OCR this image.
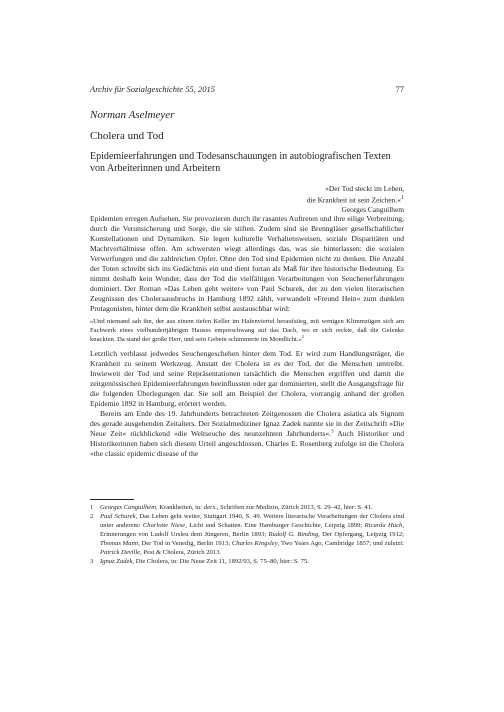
Archiv für Sozialgeschichte 55, 2015	77
Norman Aselmeyer
Cholera und Tod
Epidemieerfahrungen und Todesanschauungen in autobiografischen Texten von Arbeiterinnen und Arbeitern
»Der Tod steckt im Leben,
die Krankheit ist sein Zeichen.«$^1$
Georges Canguilhem

Epidemien erregen Aufsehen. Sie provozieren durch ihr rasantes Auftreten und ihre eilige Verbreitung, durch die Verunsicherung und Sorge, die sie stiften. Zudem sind sie Brenngläser gesellschaftlicher Konstellationen und Dynamiken. Sie legen kulturelle Verhaltensweisen, soziale Disparitäten und Machtverhältnisse offen. Am schwersten wiegt allerdings das, was sie hinterlassen: die sozialen Verwerfungen und die zahlreichen Opfer. Ohne den Tod sind Epidemien nicht zu denken. Die Anzahl der Toten schreibt sich ins Gedächtnis ein und dient fortan als Maß für ihre historische Bedeutung. Es nimmt deshalb kein Wunder, dass der Tod die vielfältigen Verarbeitungen von Seuchenerfahrungen dominiert. Der Roman »Das Leben geht weiter« von Paul Schurek, der zu den vielen literarischen Zeugnissen des Choleraausbruchs in Hamburg 1892 zählt, verwandelt »Freund Hein« zum dunklen Protagonisten, hinter dem die Krankheit selbst austauschbar wird:

»Und niemand sah ihn, der aus einem tiefen Keller im Hafenviertel heraufstieg, mit wenigen Klimmzügen sich am Fachwerk eines vielhundertjährigen Hauses emporschwang auf das Dach, wo er sich reckte, daß die Gelenke knackten. Da stand der große Herr, und sein Gebein schimmerte im Mondlicht.«$^2$

Letztlich verblasst jedwedes Seuchengeschehen hinter dem Tod. Er wird zum Handlungsträger, die Krankheit zu seinem Werkzeug. Anstatt der Cholera ist es der Tod, der die Menschen umtreibt. Inwieweit der Tod und seine Repräsentationen tatsächlich die Menschen ergriffen und damit die zeitgenössischen Epidemieerfahrungen beeinflussten oder gar dominierten, stellt die Ausgangsfrage für die folgenden Überlegungen dar. Sie soll am Beispiel der Cholera, vorrangig anhand der großen Epidemie 1892 in Hamburg, erörtert werden.

Bereits am Ende des 19. Jahrhunderts betrachteten Zeitgenossen die Cholera asiatica als Signum des gerade ausgehenden Zeitalters. Der Sozialmediziner Ignaz Zadek nannte sie in der Zeitschrift »Die Neue Zeit« rückblickend »die Weltseuche des neunzehnten Jahrhunderts«.$^3$ Auch Historiker und Historikerinnen haben sich diesem Urteil angeschlossen. Charles E. Rosenberg zufolge ist die Cholera »the classic epidemic disease of the

1 Georges Canguilhem, Krankheiten, in: ders., Schriften zur Medizin, Zürich 2013, S. 29–42, hier: S. 41.

2 Paul Schurek, Das Leben geht weiter, Stuttgart 1940, S. 49. Weitere literarische Verarbeitungen der Cholera sind unter anderem: Charlotte Niese, Licht und Schatten. Eine Hamburger Geschichte, Leipzig 1899; Ricarda Huch, Erinnerungen von Ludolf Ursleu dem Jüngeren, Berlin 1893; Rudolf G. Binding, Der Opfergang, Leipzig 1912; Thomas Mann, Der Tod in Venedig, Berlin 1913; Charles Kingsley, Two Years Ago, Cambridge 1857; und zuletzt: Patrick Deville, Pest & Cholera, Zürich 2013.

3 Ignaz Zadek, Die Cholera, in: Die Neue Zeit 11, 1892/93, S. 75–80, hier: S. 75.
